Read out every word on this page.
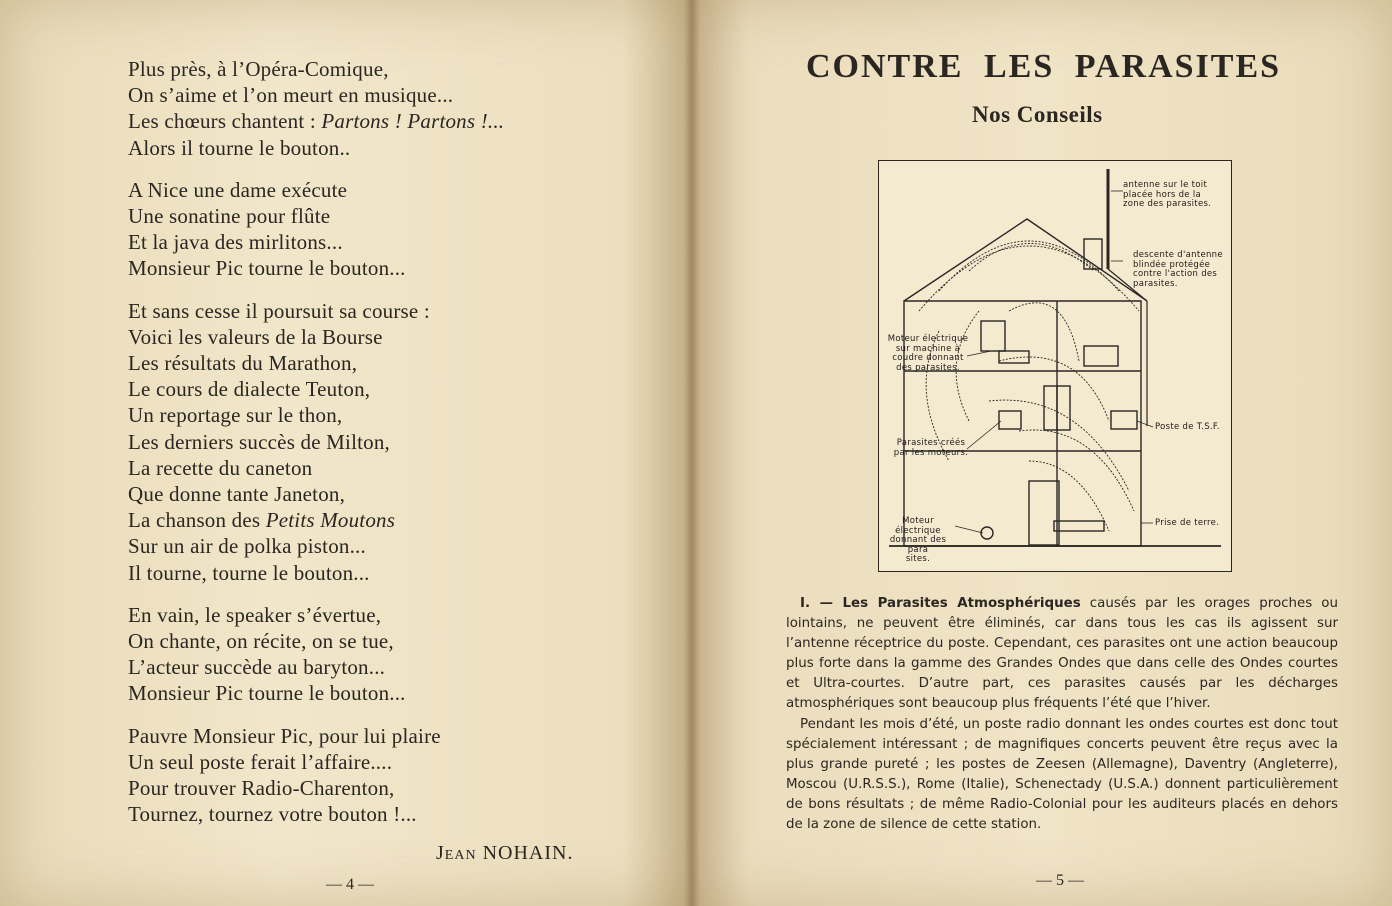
Plus près, à l’Opéra-Comique,
On s’aime et l’on meurt en musique...
Les chœurs chantent : Partons ! Partons !...
Alors il tourne le bouton..
A Nice une dame exécute
Une sonatine pour flûte
Et la java des mirlitons...
Monsieur Pic tourne le bouton...
Et sans cesse il poursuit sa course :
Voici les valeurs de la Bourse
Les résultats du Marathon,
Le cours de dialecte Teuton,
Un reportage sur le thon,
Les derniers succès de Milton,
La recette du caneton
Que donne tante Janeton,
La chanson des Petits Moutons
Sur un air de polka piston...
Il tourne, tourne le bouton...
En vain, le speaker s’évertue,
On chante, on récite, on se tue,
L’acteur succède au baryton...
Monsieur Pic tourne le bouton...
Pauvre Monsieur Pic, pour lui plaire
Un seul poste ferait l’affaire....
Pour trouver Radio-Charenton,
Tournez, tournez votre bouton !...
Jean NOHAIN.
— 4 —
CONTRE LES PARASITES
Nos Conseils
antenne sur le toit
placée hors de la
zone des parasites.
descente d'antenne
blindée protégée
contre l'action des
parasites.
Moteur électrique
sur machine à
coudre donnant
des parasites.
Parasites créés
par les moteurs.
Poste de T.S.F.
Moteur électrique
donnant des para
sites.
Prise de terre.

I. — Les Parasites Atmosphériques causés par les orages proches ou lointains, ne peuvent être éliminés, car dans tous les cas ils agissent sur l’antenne réceptrice du poste. Cependant, ces parasites ont une action beaucoup plus forte dans la gamme des Grandes Ondes que dans celle des Ondes courtes et Ultra-courtes. D’autre part, ces parasites causés par les décharges atmosphériques sont beaucoup plus fréquents l’été que l’hiver.

Pendant les mois d’été, un poste radio donnant les ondes courtes est donc tout spécialement intéressant ; de magnifiques concerts peuvent être reçus avec la plus grande pureté ; les postes de Zeesen (Allemagne), Daventry (Angleterre), Moscou (U.R.S.S.), Rome (Italie), Schenectady (U.S.A.) donnent particulièrement de bons résultats ; de même Radio-Colonial pour les auditeurs placés en dehors de la zone de silence de cette station.

— 5 —
